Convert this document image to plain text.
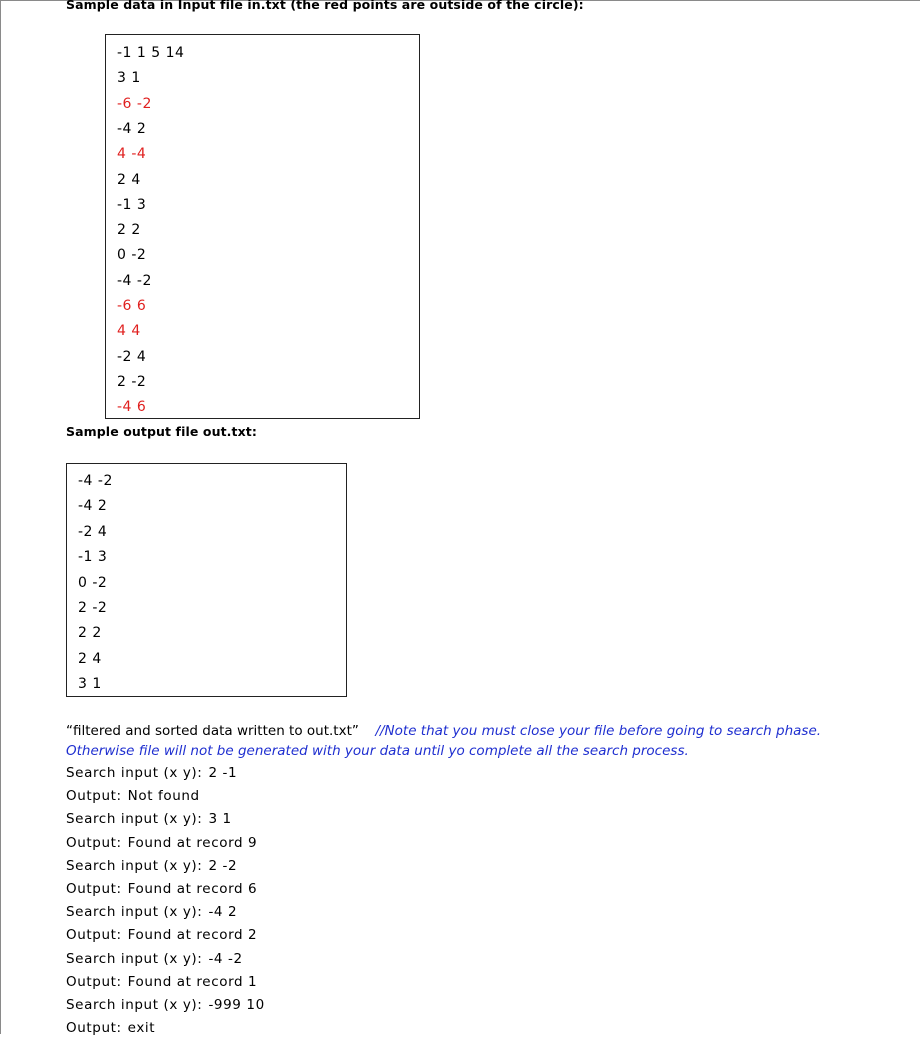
Sample data in Input file in.txt (the red points are outside of the circle):
-1 1 5 14
3 1
-6 -2
-4 2
4 -4
2 4
-1 3
2 2
0 -2
-4 -2
-6 6
4 4
-2 4
2 -2
-4 6
Sample output file out.txt:
-4 -2
-4 2
-2 4
-1 3
0 -2
2 -2
2 2
2 4
3 1
“filtered and sorted data written to out.txt” //Note that you must close your file before going to search phase.
Otherwise file will not be generated with your data until yo complete all the search process.
Search input (x y): 2 -1
Output: Not found
Search input (x y): 3 1
Output: Found at record 9
Search input (x y): 2 -2
Output: Found at record 6
Search input (x y): -4 2
Output: Found at record 2
Search input (x y): -4 -2
Output: Found at record 1
Search input (x y): -999 10
Output: exit
